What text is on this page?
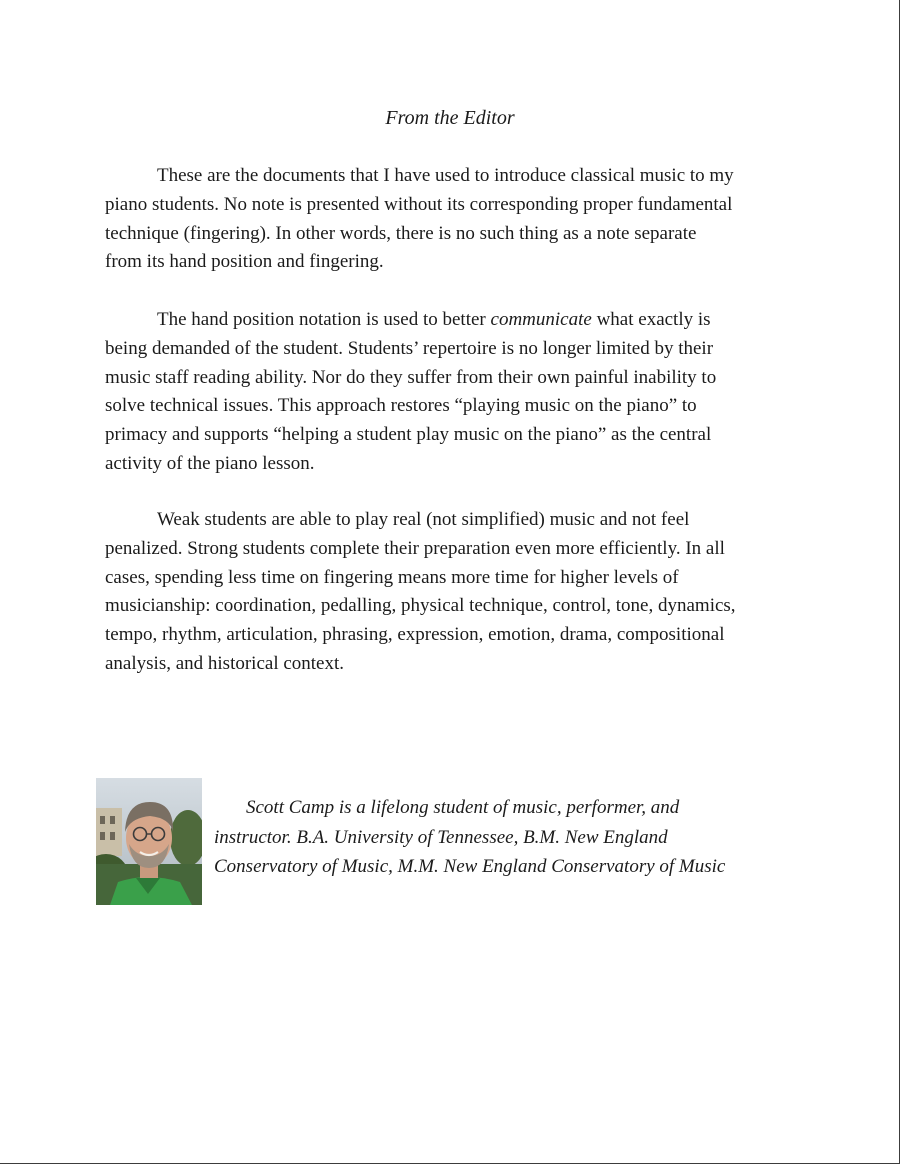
From the Editor
These are the documents that I have used to introduce classical music to my
piano students. No note is presented without its corresponding proper fundamental
technique (fingering). In other words, there is no such thing as a note separate
from its hand position and fingering.
The hand position notation is used to better communicate what exactly is
being demanded of the student. Students’ repertoire is no longer limited by their
music staff reading ability. Nor do they suffer from their own painful inability to
solve technical issues. This approach restores “playing music on the piano” to
primacy and supports “helping a student play music on the piano” as the central
activity of the piano lesson.
Weak students are able to play real (not simplified) music and not feel
penalized. Strong students complete their preparation even more efficiently. In all
cases, spending less time on fingering means more time for higher levels of
musicianship: coordination, pedalling, physical technique, control, tone, dynamics,
tempo, rhythm, articulation, phrasing, expression, emotion, drama, compositional
analysis, and historical context.
Scott Camp is a lifelong student of music, performer, and
instructor. B.A. University of Tennessee, B.M. New England
Conservatory of Music, M.M. New England Conservatory of Music
